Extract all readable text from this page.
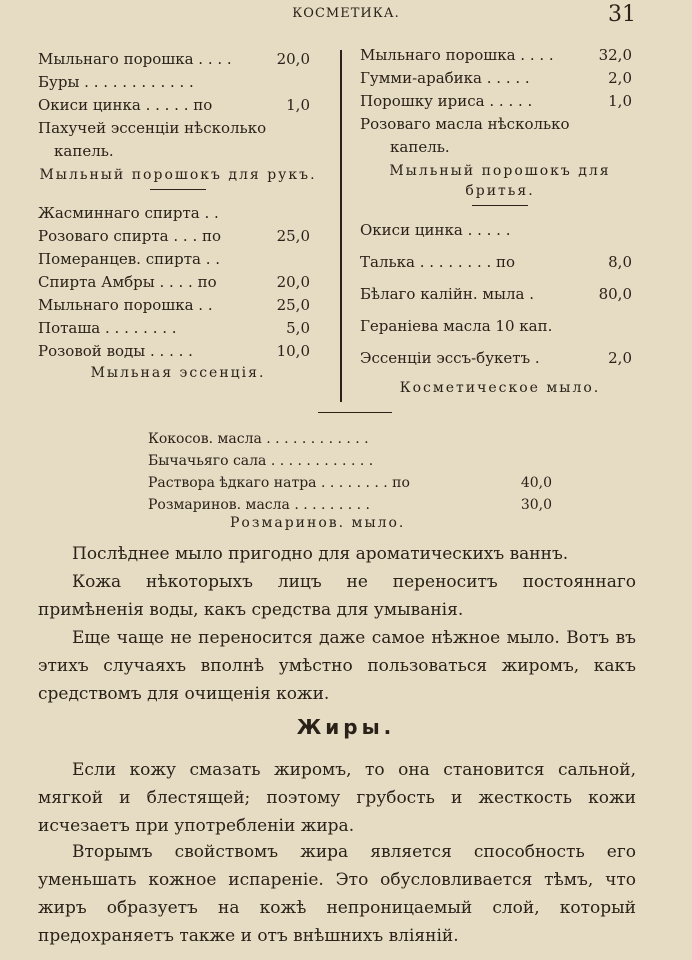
КОСМЕТИКА.	31
Мыльнаго порошка . . . .	20,0
Буры . . . . . . . . . . . .
Окиси цинка . . . . . по	1,0
Пахучей эссенціи нѣсколько
капель.
Мыльный порошокъ для рукъ.
Жасминнаго спирта . .
Розоваго спирта . . . по	25,0
Померанцев. спирта . .
Спирта Амбры . . . . по	20,0
Мыльнаго порошка . .	25,0
Поташа . . . . . . . .	5,0
Розовой воды . . . . .	10,0
Мыльная эссенція.
Мыльнаго порошка . . . .	32,0
Гумми-арабика . . . . .	2,0
Порошку ириса . . . . .	1,0
Розоваго масла нѣсколько
капель.
Мыльный порошокъ для бритья.
Окиси цинка . . . . .
Талька . . . . . . . . по	8,0
Бѣлаго калійн. мыла .	80,0
Гераніева масла 10 кап.
Эссенціи эссъ-букетъ .	2,0
Косметическое мыло.
Кокосов. масла . . . . . . . . . . . .
Бычачьяго сала . . . . . . . . . . . .
Раствора ѣдкаго натра . . . . . . . . по	40,0
Розмаринов. масла . . . . . . . . .	30,0
Розмаринов. мыло.
Послѣднее мыло пригодно для ароматическихъ ваннъ.
Кожа нѣкоторыхъ лицъ не переноситъ постояннаго примѣненія воды, какъ средства для умыванія.
Еще чаще не переносится даже самое нѣжное мыло. Вотъ въ этихъ случаяхъ вполнѣ умѣстно пользоваться жиромъ, какъ средствомъ для очищенія кожи.
Жиры.
Если кожу смазать жиромъ, то она становится сальной, мягкой и блестящей; поэтому грубость и жесткость кожи исчезаетъ при употребленіи жира.
Вторымъ свойствомъ жира является способность его уменьшать кожное испареніе. Это обусловливается тѣмъ, что жиръ образуетъ на кожѣ непроницаемый слой, который предохраняетъ также и отъ внѣшнихъ вліяній.
